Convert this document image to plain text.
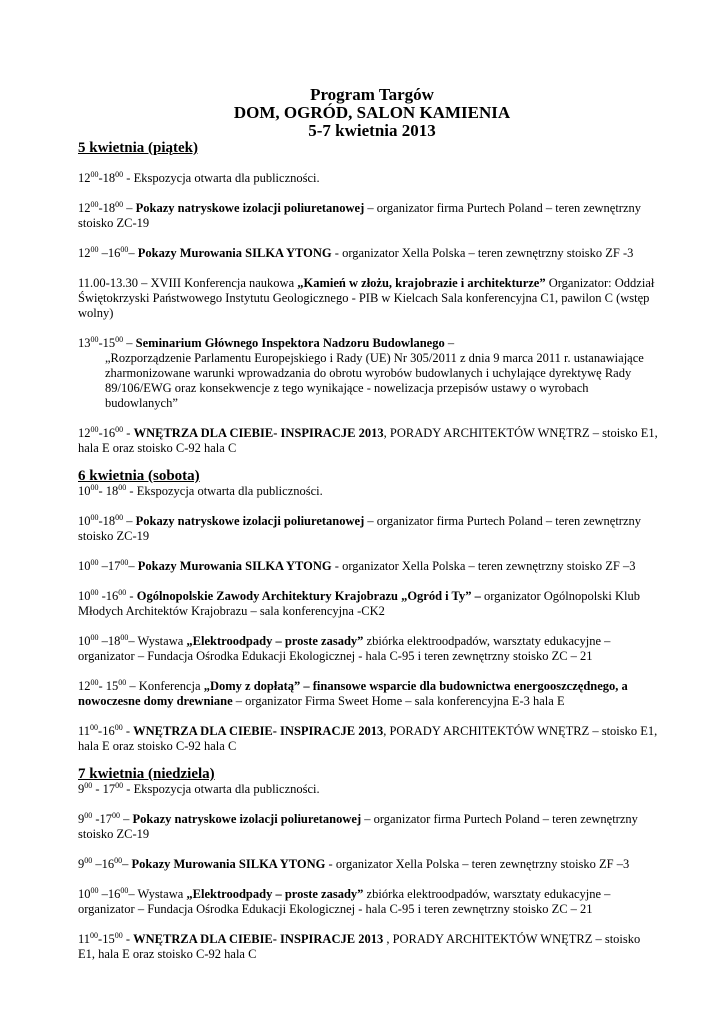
Program Targów
DOM, OGRÓD, SALON KAMIENIA
5-7 kwietnia 2013
5 kwietnia (piątek)
$12^{00}-18^{00}$ - Ekspozycja otwarta dla publiczności.
$12^{00}-18^{00}$ – Pokazy natryskowe izolacji poliuretanowej – organizator firma Purtech Poland – teren zewnętrzny stoisko ZC-19
$12^{00}$ $-16^{00}-$ Pokazy Murowania SILKA YTONG - organizator Xella Polska – teren zewnętrzny stoisko ZF -3
11.00-13.30 – XVIII Konferencja naukowa „Kamień w złożu, krajobrazie i architekturze” Organizator: Oddział Świętokrzyski Państwowego Instytutu Geologicznego - PIB w Kielcach Sala konferencyjna C1, pawilon C (wstęp wolny)
$13^{00}-15^{00}$ – Seminarium Głównego Inspektora Nadzoru Budowlanego –
„Rozporządzenie Parlamentu Europejskiego i Rady (UE) Nr 305/2011 z dnia 9 marca 2011 r. ustanawiające zharmonizowane warunki wprowadzania do obrotu wyrobów budowlanych i uchylające dyrektywę Rady 89/106/EWG oraz konsekwencje z tego wynikające - nowelizacja przepisów ustawy o wyrobach budowlanych”
$12^{00}-16^{00}$ - WNĘTRZA DLA CIEBIE- INSPIRACJE 2013, PORADY ARCHITEKTÓW WNĘTRZ – stoisko E1, hala E oraz stoisko C-92 hala C
6 kwietnia (sobota)
$10^{00}-$ $18^{00}$ - Ekspozycja otwarta dla publiczności.
$10^{00}-18^{00}$ – Pokazy natryskowe izolacji poliuretanowej – organizator firma Purtech Poland – teren zewnętrzny stoisko ZC-19
$10^{00}$ $-17^{00}-$ Pokazy Murowania SILKA YTONG - organizator Xella Polska – teren zewnętrzny stoisko ZF –3
$10^{00}$ $-16^{00}$ - Ogólnopolskie Zawody Architektury Krajobrazu „Ogród i Ty” – organizator Ogólnopolski Klub Młodych Architektów Krajobrazu – sala konferencyjna -CK2
$10^{00}$ $-18^{00}-$ Wystawa „Elektroodpady – proste zasady” zbiórka elektroodpadów, warsztaty edukacyjne – organizator – Fundacja Ośrodka Edukacji Ekologicznej - hala C-95 i teren zewnętrzny stoisko ZC – 21
$12^{00}-$ $15^{00}$ – Konferencja „Domy z dopłatą” – finansowe wsparcie dla budownictwa energooszczędnego, a nowoczesne domy drewniane – organizator Firma Sweet Home – sala konferencyjna E-3 hala E
$11^{00}-16^{00}$ - WNĘTRZA DLA CIEBIE- INSPIRACJE 2013, PORADY ARCHITEKTÓW WNĘTRZ – stoisko E1, hala E oraz stoisko C-92 hala C
7 kwietnia (niedziela)
$9^{00} - 17^{00}$ - Ekspozycja otwarta dla publiczności.
$9^{00}$ $-17^{00}$ – Pokazy natryskowe izolacji poliuretanowej – organizator firma Purtech Poland – teren zewnętrzny stoisko ZC-19
$9^{00}$ $-16^{00}-$ Pokazy Murowania SILKA YTONG - organizator Xella Polska – teren zewnętrzny stoisko ZF –3
$10^{00}$ $-16^{00}-$ Wystawa „Elektroodpady – proste zasady” zbiórka elektroodpadów, warsztaty edukacyjne – organizator – Fundacja Ośrodka Edukacji Ekologicznej - hala C-95 i teren zewnętrzny stoisko ZC – 21
$11^{00}-15^{00}$ - WNĘTRZA DLA CIEBIE- INSPIRACJE 2013 , PORADY ARCHITEKTÓW WNĘTRZ – stoisko E1, hala E oraz stoisko C-92 hala C
